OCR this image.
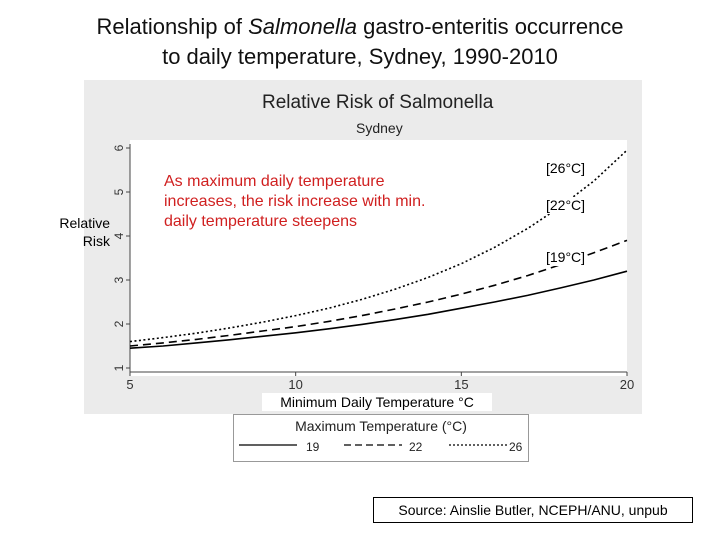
Relationship of Salmonella gastro-enteritis occurrence
to daily temperature, Sydney, 1990-2010
1
2
3
4
5
6
5	10	15	20
Relative Risk of Salmonella
Sydney
Relative Risk
As maximum daily temperature increases, the risk increase with min. daily temperature steepens
[26°C]
[22°C]
[19°C]
Minimum Daily Temperature °C
Maximum Temperature (°C)
19	22	26
Source: Ainslie Butler, NCEPH/ANU, unpub
